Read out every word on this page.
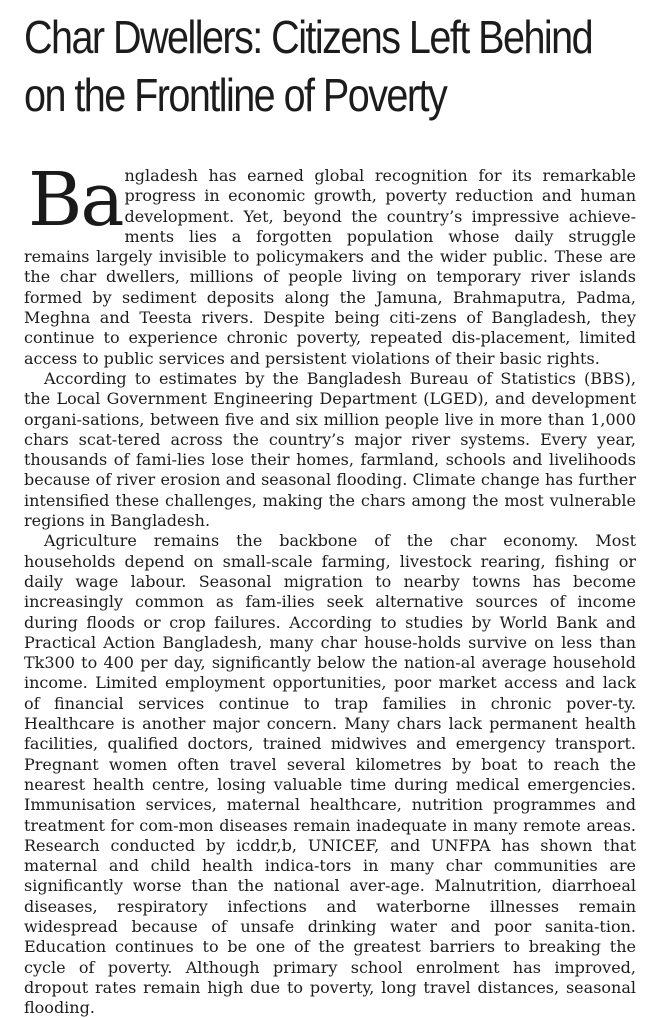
Char Dwellers: Citizens Left Behind on the Frontline of Poverty

Ba ngladesh has earned global recognition for its remarkable progress in economic growth, poverty reduction and human development. Yet, beyond the country’s impressive achieve-ments lies a forgotten population whose daily struggle remains largely invisible to policymakers and the wider public. These are the char dwellers, millions of people living on temporary river islands formed by sediment deposits along the Jamuna, Brahmaputra, Padma, Meghna and Teesta rivers. Despite being citi-zens of Bangladesh, they continue to experience chronic poverty, repeated dis-placement, limited access to public services and persistent violations of their basic rights.

According to estimates by the Bangladesh Bureau of Statistics (BBS), the Local Government Engineering Department (LGED), and development organi-sations, between five and six million people live in more than 1,000 chars scat-tered across the country’s major river systems. Every year, thousands of fami-lies lose their homes, farmland, schools and livelihoods because of river erosion and seasonal flooding. Climate change has further intensified these challenges, making the chars among the most vulnerable regions in Bangladesh.

Agriculture remains the backbone of the char economy. Most households depend on small-scale farming, livestock rearing, fishing or daily wage labour. Seasonal migration to nearby towns has become increasingly common as fam-ilies seek alternative sources of income during floods or crop failures. According to studies by World Bank and Practical Action Bangladesh, many char house-holds survive on less than Tk300 to 400 per day, significantly below the nation-al average household income. Limited employment opportunities, poor market access and lack of financial services continue to trap families in chronic pover-ty. Healthcare is another major concern. Many chars lack permanent health facilities, qualified doctors, trained midwives and emergency transport. Pregnant women often travel several kilometres by boat to reach the nearest health centre, losing valuable time during medical emergencies. Immunisation services, maternal healthcare, nutrition programmes and treatment for com-mon diseases remain inadequate in many remote areas. Research conducted by icddr,b, UNICEF, and UNFPA has shown that maternal and child health indica-tors in many char communities are significantly worse than the national aver-age. Malnutrition, diarrhoeal diseases, respiratory infections and waterborne illnesses remain widespread because of unsafe drinking water and poor sanita-tion. Education continues to be one of the greatest barriers to breaking the cycle of poverty. Although primary school enrolment has improved, dropout rates remain high due to poverty, long travel distances, seasonal flooding.
